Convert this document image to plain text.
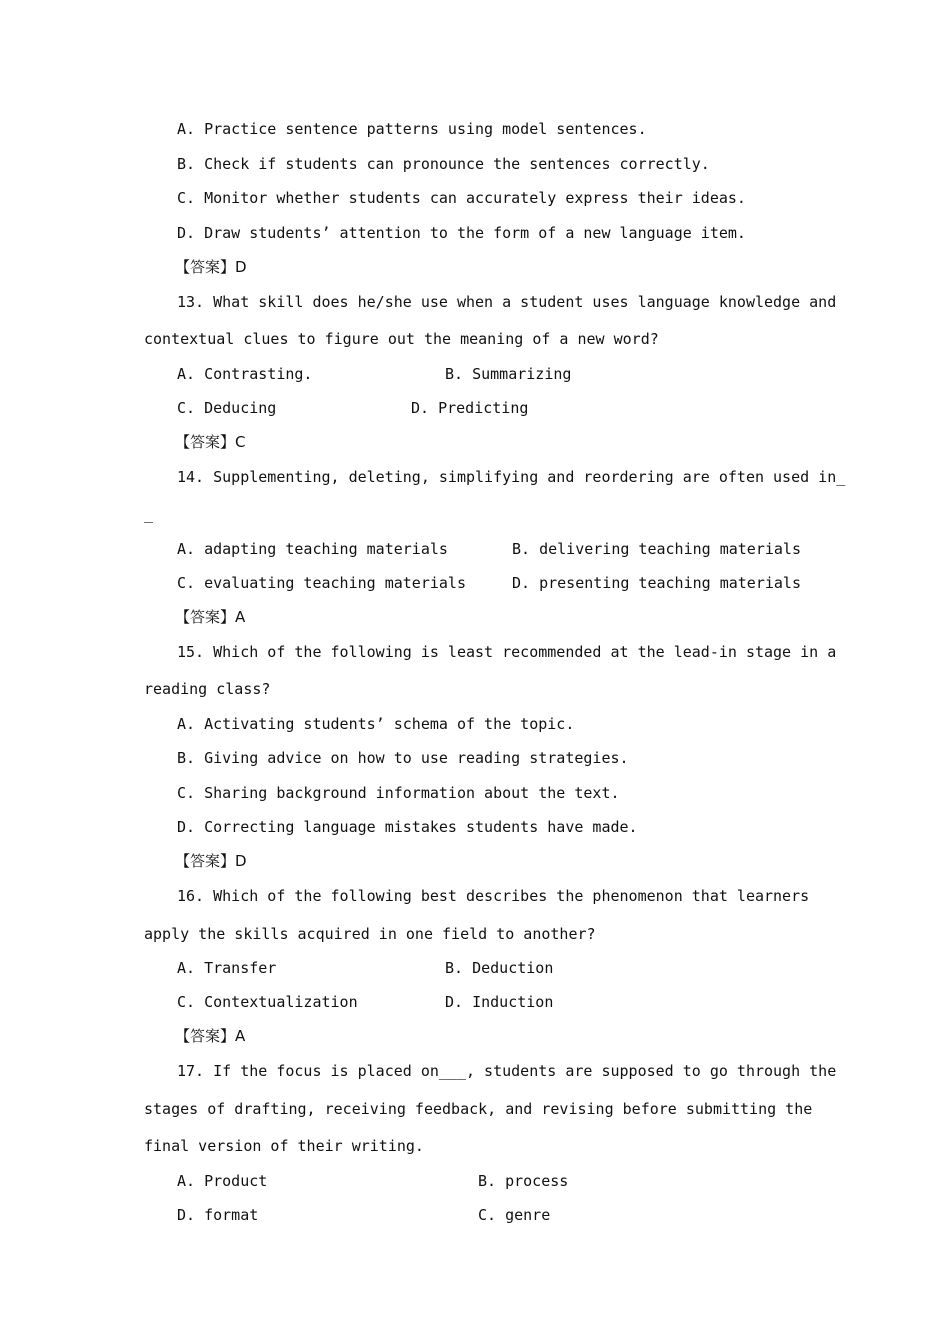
A. Practice sentence patterns using model sentences.
B. Check if students can pronounce the sentences correctly.
C. Monitor whether students can accurately express their ideas.
D. Draw students’ attention to the form of a new language item.
【答案】D
13. What skill does he/she use when a student uses language knowledge and
contextual clues to figure out the meaning of a new word?
A. Contrasting.	B. Summarizing
C. Deducing	D. Predicting
【答案】C
14. Supplementing, deleting, simplifying and reordering are often used in_
_
A. adapting teaching materials	B. delivering teaching materials
C. evaluating teaching materials	D. presenting teaching materials
【答案】A
15. Which of the following is least recommended at the lead-in stage in a
reading class?
A. Activating students’ schema of the topic.
B. Giving advice on how to use reading strategies.
C. Sharing background information about the text.
D. Correcting language mistakes students have made.
【答案】D
16. Which of the following best describes the phenomenon that learners
apply the skills acquired in one field to another?
A. Transfer	B. Deduction
C. Contextualization	D. Induction
【答案】A
17. If the focus is placed on___, students are supposed to go through the
stages of drafting, receiving feedback, and revising before submitting the
final version of their writing.
A. Product	B. process
D. format	C. genre
